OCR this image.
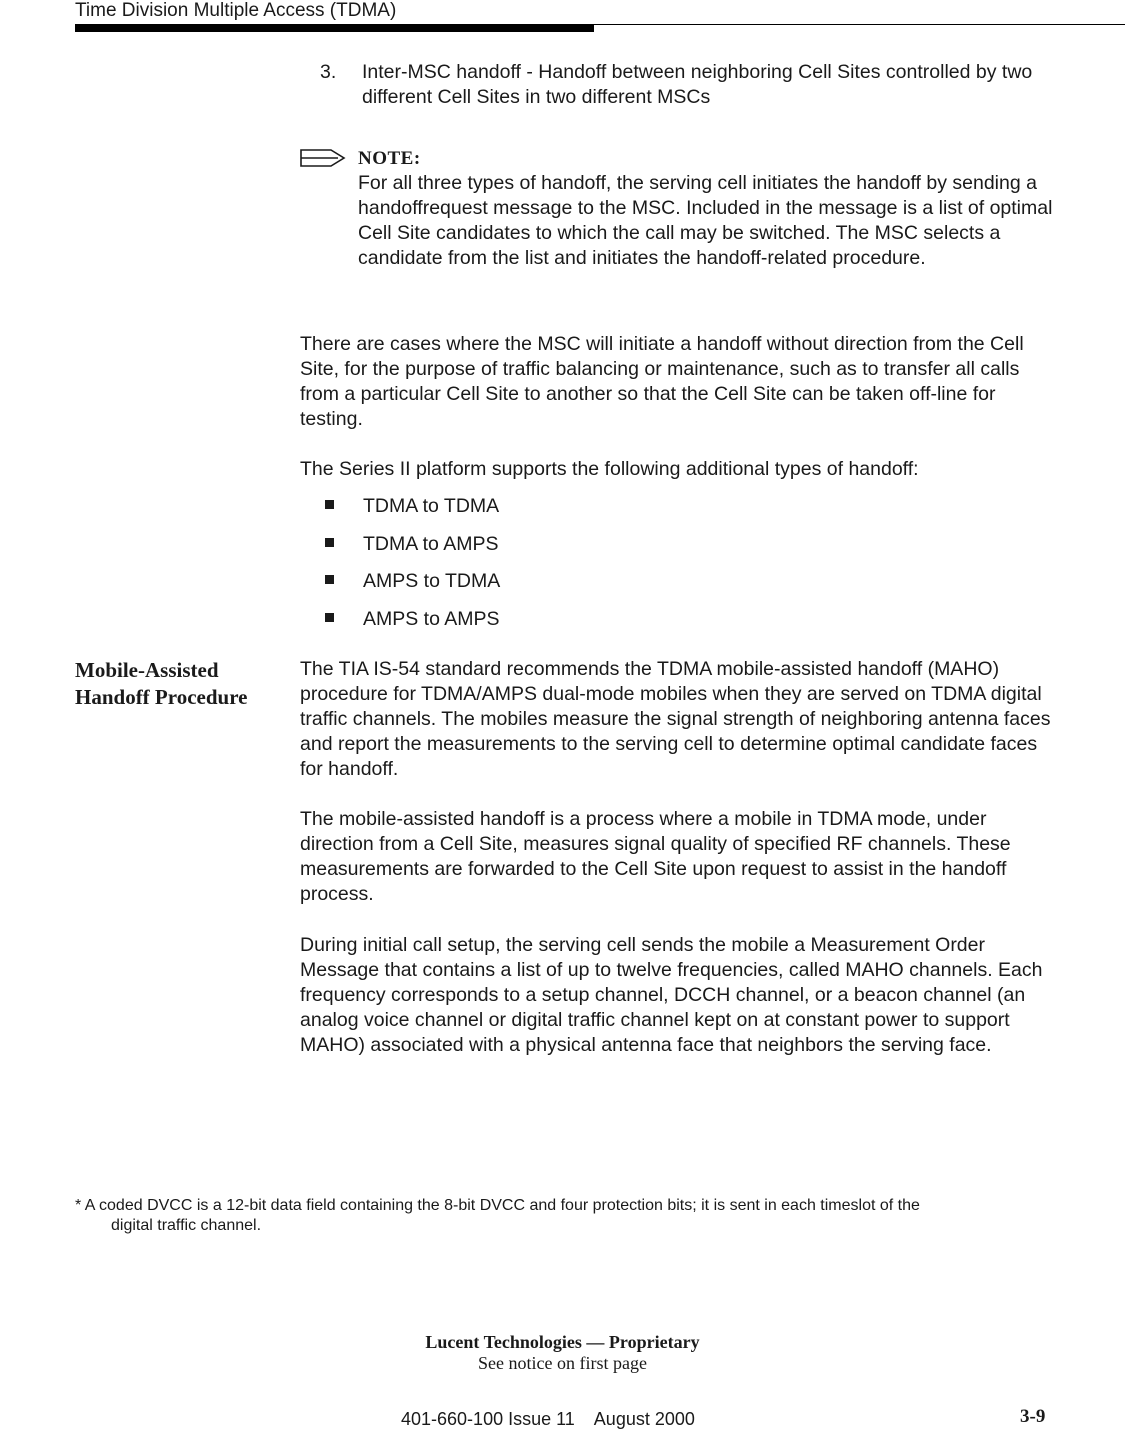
Time Division Multiple Access (TDMA)
3. Inter-MSC handoff - Handoff between neighboring Cell Sites controlled by two different Cell Sites in two different MSCs
NOTE:
For all three types of handoff, the serving cell initiates the handoff by sending a handoffrequest message to the MSC. Included in the message is a list of optimal Cell Site candidates to which the call may be switched. The MSC selects a candidate from the list and initiates the handoff-related procedure.
There are cases where the MSC will initiate a handoff without direction from the Cell Site, for the purpose of traffic balancing or maintenance, such as to transfer all calls from a particular Cell Site to another so that the Cell Site can be taken off-line for testing.
The Series II platform supports the following additional types of handoff:
TDMA to TDMA
TDMA to AMPS
AMPS to TDMA
AMPS to AMPS
Mobile-Assisted
Handoff Procedure
The TIA IS-54 standard recommends the TDMA mobile-assisted handoff (MAHO) procedure for TDMA/AMPS dual-mode mobiles when they are served on TDMA digital traffic channels. The mobiles measure the signal strength of neighboring antenna faces and report the measurements to the serving cell to determine optimal candidate faces for handoff.
The mobile-assisted handoff is a process where a mobile in TDMA mode, under direction from a Cell Site, measures signal quality of specified RF channels. These measurements are forwarded to the Cell Site upon request to assist in the handoff process.
During initial call setup, the serving cell sends the mobile a Measurement Order Message that contains a list of up to twelve frequencies, called MAHO channels. Each frequency corresponds to a setup channel, DCCH channel, or a beacon channel (an analog voice channel or digital traffic channel kept on at constant power to support MAHO) associated with a physical antenna face that neighbors the serving face.
* A coded DVCC is a 12-bit data field containing the 8-bit DVCC and four protection bits; it is sent in each timeslot of the
digital traffic channel.
Lucent Technologies — Proprietary
See notice on first page
401-660-100 Issue 11    August 2000	3-9
